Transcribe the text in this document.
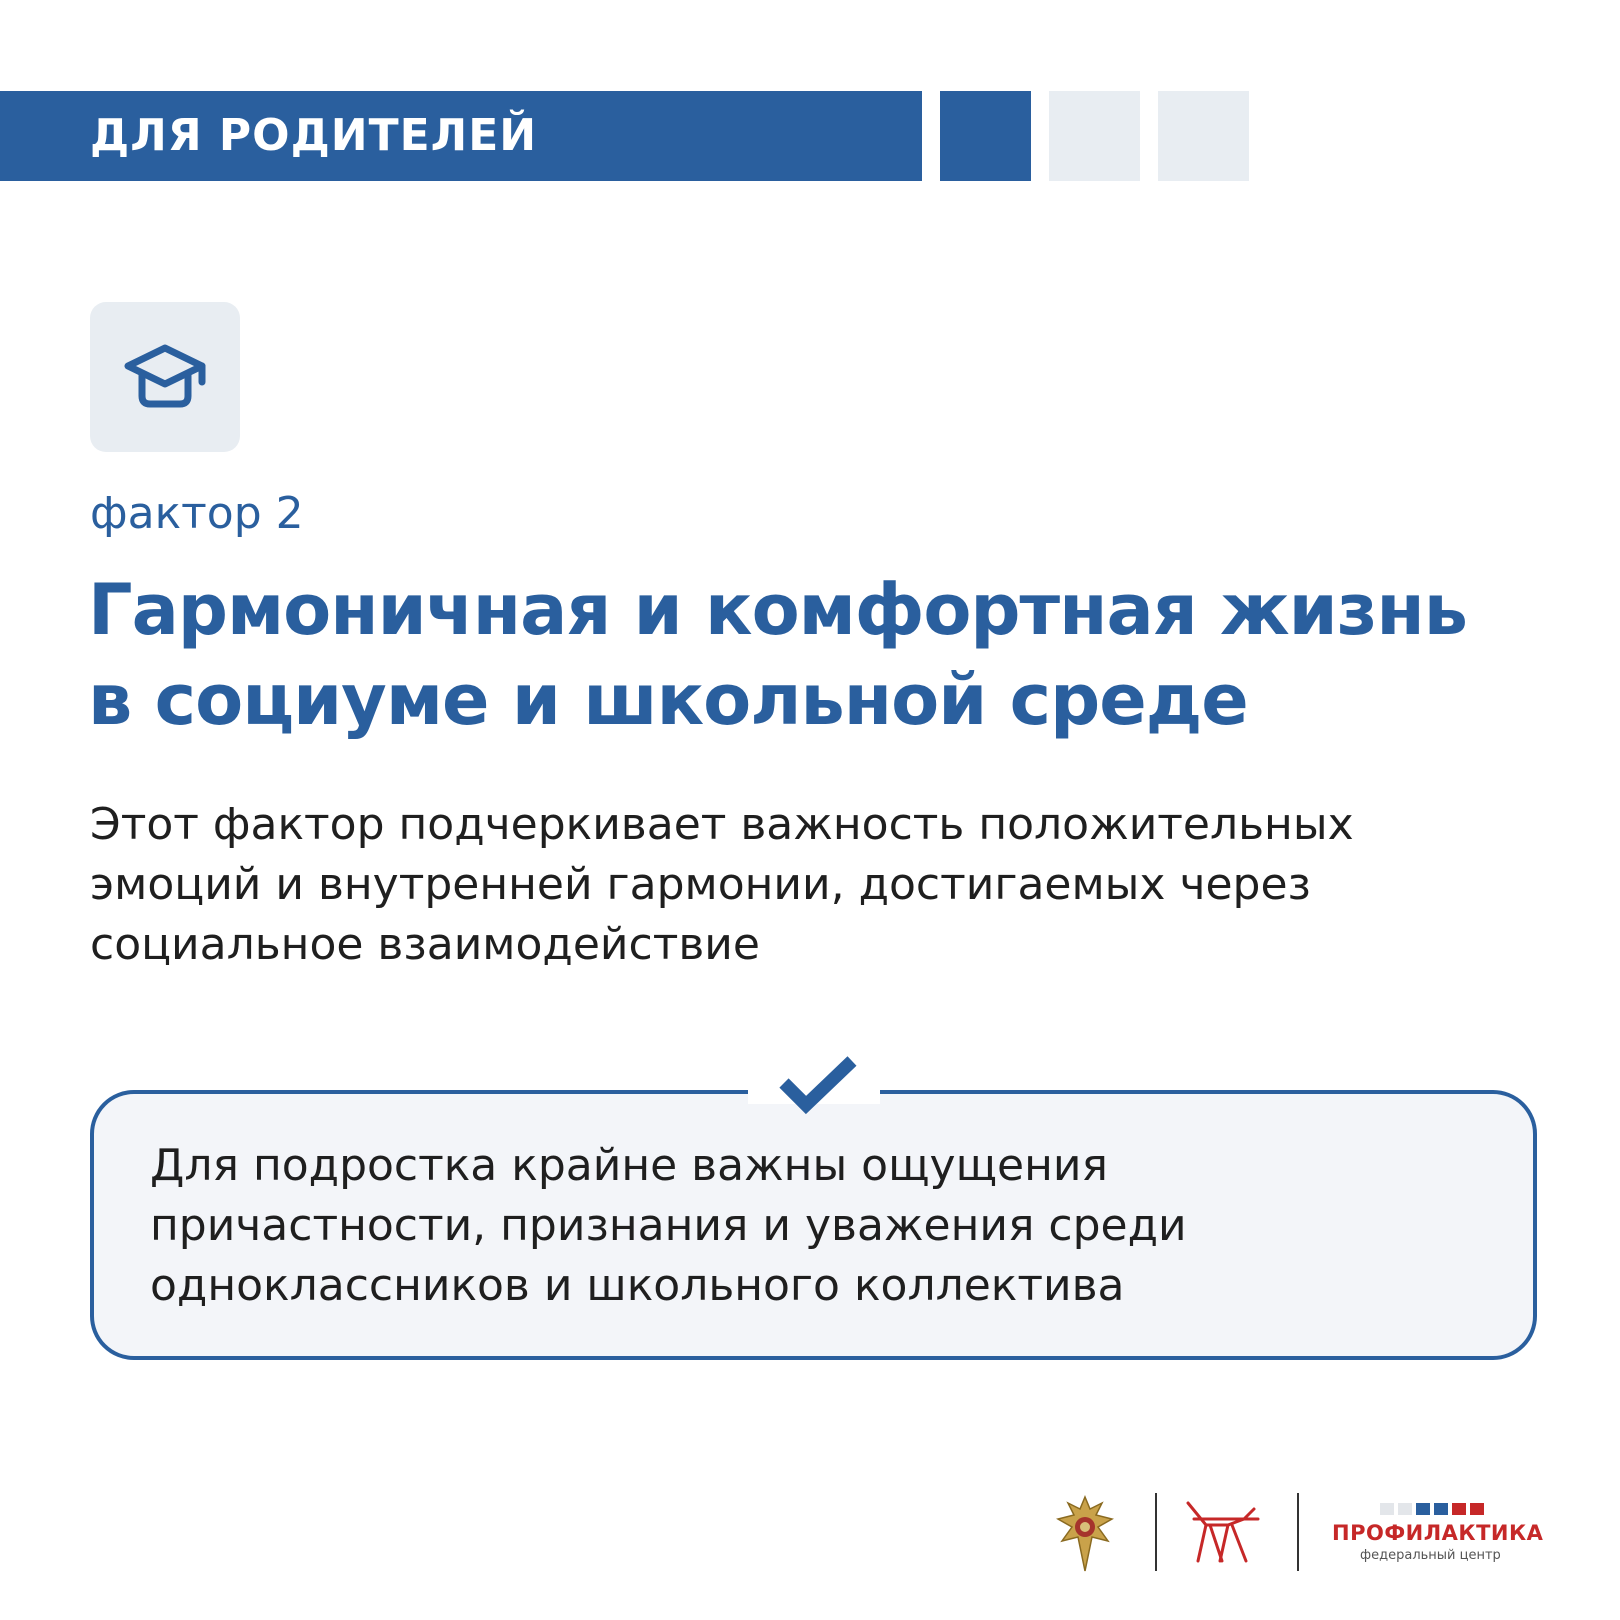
ДЛЯ РОДИТЕЛЕЙ
фактор 2
Гармоничная и комфортная жизнь
в социуме и школьной среде
Этот фактор подчеркивает важность положительных
эмоций и внутренней гармонии, достигаемых через
социальное взаимодействие
Для подростка крайне важны ощущения
причастности, признания и уважения среди
одноклассников и школьного коллектива
ПРОФИЛАКТИКА
федеральный центр
